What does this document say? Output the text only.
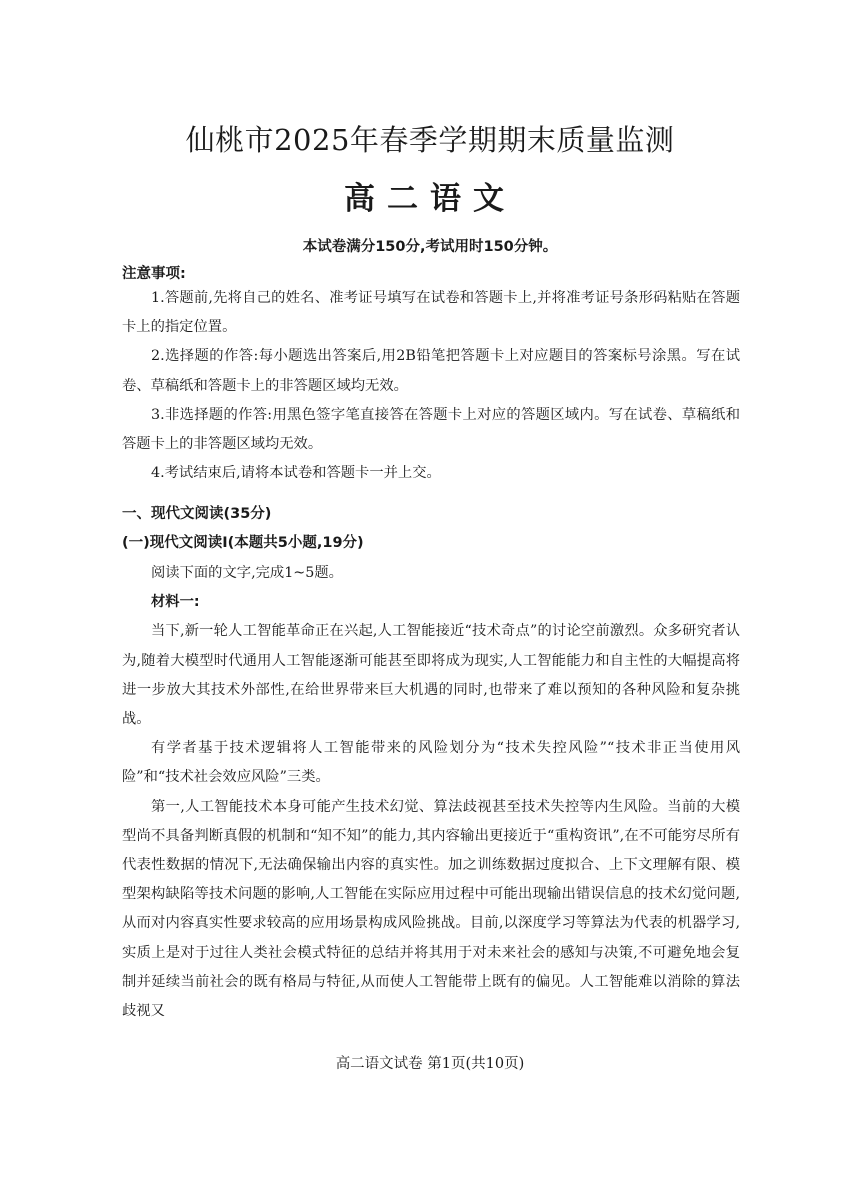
仙桃市2025年春季学期期末质量监测
高二语文
本试卷满分150分,考试用时150分钟。
注意事项:

1.答题前,先将自己的姓名、准考证号填写在试卷和答题卡上,并将准考证号条形码粘贴在答题卡上的指定位置。

2.选择题的作答:每小题选出答案后,用2B铅笔把答题卡上对应题目的答案标号涂黑。写在试卷、草稿纸和答题卡上的非答题区域均无效。

3.非选择题的作答:用黑色签字笔直接答在答题卡上对应的答题区域内。写在试卷、草稿纸和答题卡上的非答题区域均无效。

4.考试结束后,请将本试卷和答题卡一并上交。

一、现代文阅读(35分)
(一)现代文阅读Ⅰ(本题共5小题,19分)

阅读下面的文字,完成1~5题。

材料一:

当下,新一轮人工智能革命正在兴起,人工智能接近“技术奇点”的讨论空前激烈。众多研究者认为,随着大模型时代通用人工智能逐渐可能甚至即将成为现实,人工智能能力和自主性的大幅提高将进一步放大其技术外部性,在给世界带来巨大机遇的同时,也带来了难以预知的各种风险和复杂挑战。

有学者基于技术逻辑将人工智能带来的风险划分为“技术失控风险”“技术非正当使用风险”和“技术社会效应风险”三类。

第一,人工智能技术本身可能产生技术幻觉、算法歧视甚至技术失控等内生风险。当前的大模型尚不具备判断真假的机制和“知不知”的能力,其内容输出更接近于“重构资讯”,在不可能穷尽所有代表性数据的情况下,无法确保输出内容的真实性。加之训练数据过度拟合、上下文理解有限、模型架构缺陷等技术问题的影响,人工智能在实际应用过程中可能出现输出错误信息的技术幻觉问题,从而对内容真实性要求较高的应用场景构成风险挑战。目前,以深度学习等算法为代表的机器学习,实质上是对于过往人类社会模式特征的总结并将其用于对未来社会的感知与决策,不可避免地会复制并延续当前社会的既有格局与特征,从而使人工智能带上既有的偏见。人工智能难以消除的算法歧视又

高二语文试卷 第1页(共10页)
